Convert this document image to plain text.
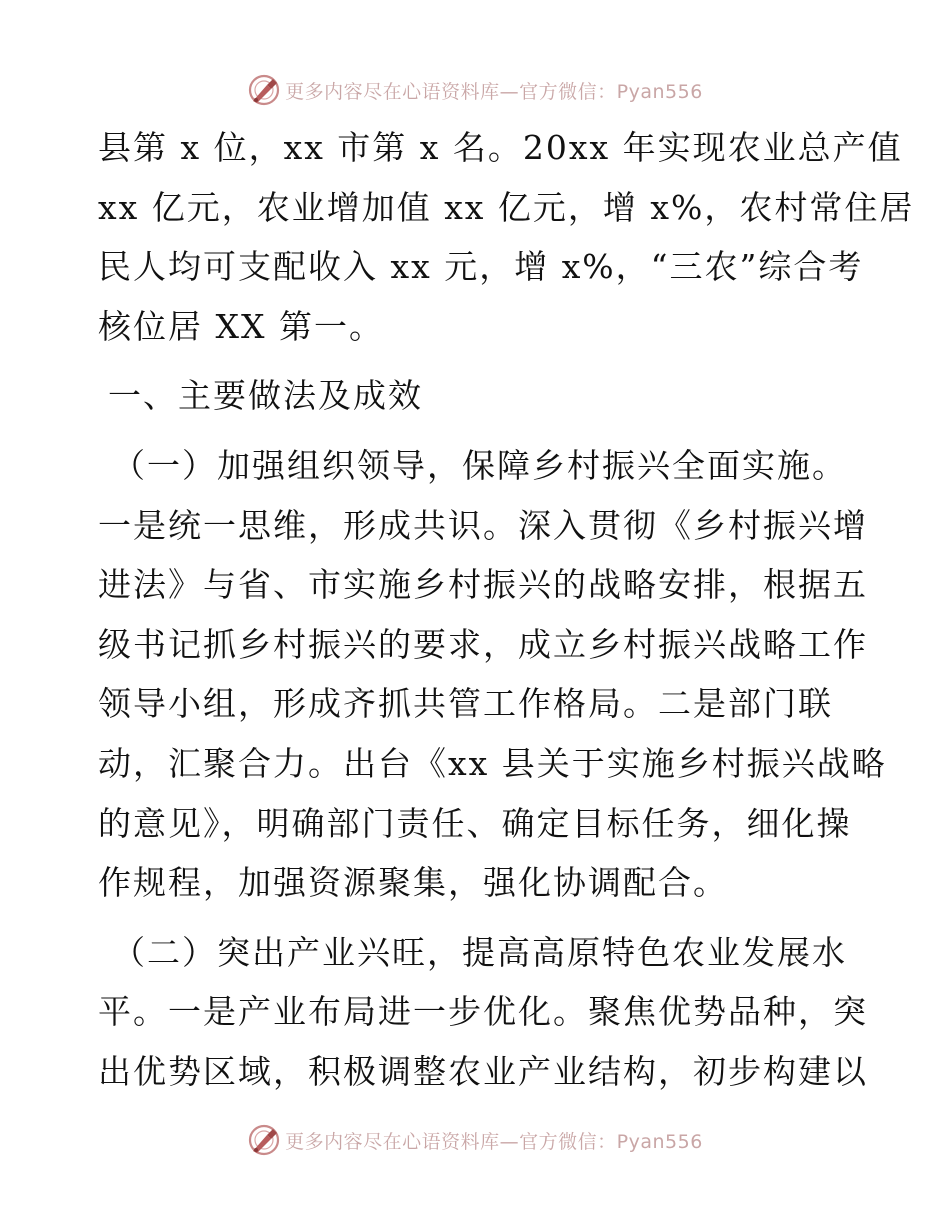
更多内容尽在心语资料库—官方微信：Pyan556
县第 x 位，xx 市第 x 名。20xx 年实现农业总产值
xx 亿元，农业增加值 xx 亿元，增 x%，农村常住居
民人均可支配收入 xx 元，增 x%，“三农”综合考
核位居 XX 第一。
一、主要做法及成效
（一）加强组织领导，保障乡村振兴全面实施。
一是统一思维，形成共识。深入贯彻《乡村振兴增
进法》与省、市实施乡村振兴的战略安排，根据五
级书记抓乡村振兴的要求，成立乡村振兴战略工作
领导小组，形成齐抓共管工作格局。二是部门联
动，汇聚合力。出台《xx 县关于实施乡村振兴战略
的意见》，明确部门责任、确定目标任务，细化操
作规程，加强资源聚集，强化协调配合。
（二）突出产业兴旺，提高高原特色农业发展水
平。一是产业布局进一步优化。聚焦优势品种，突
出优势区域，积极调整农业产业结构，初步构建以
更多内容尽在心语资料库—官方微信：Pyan556
